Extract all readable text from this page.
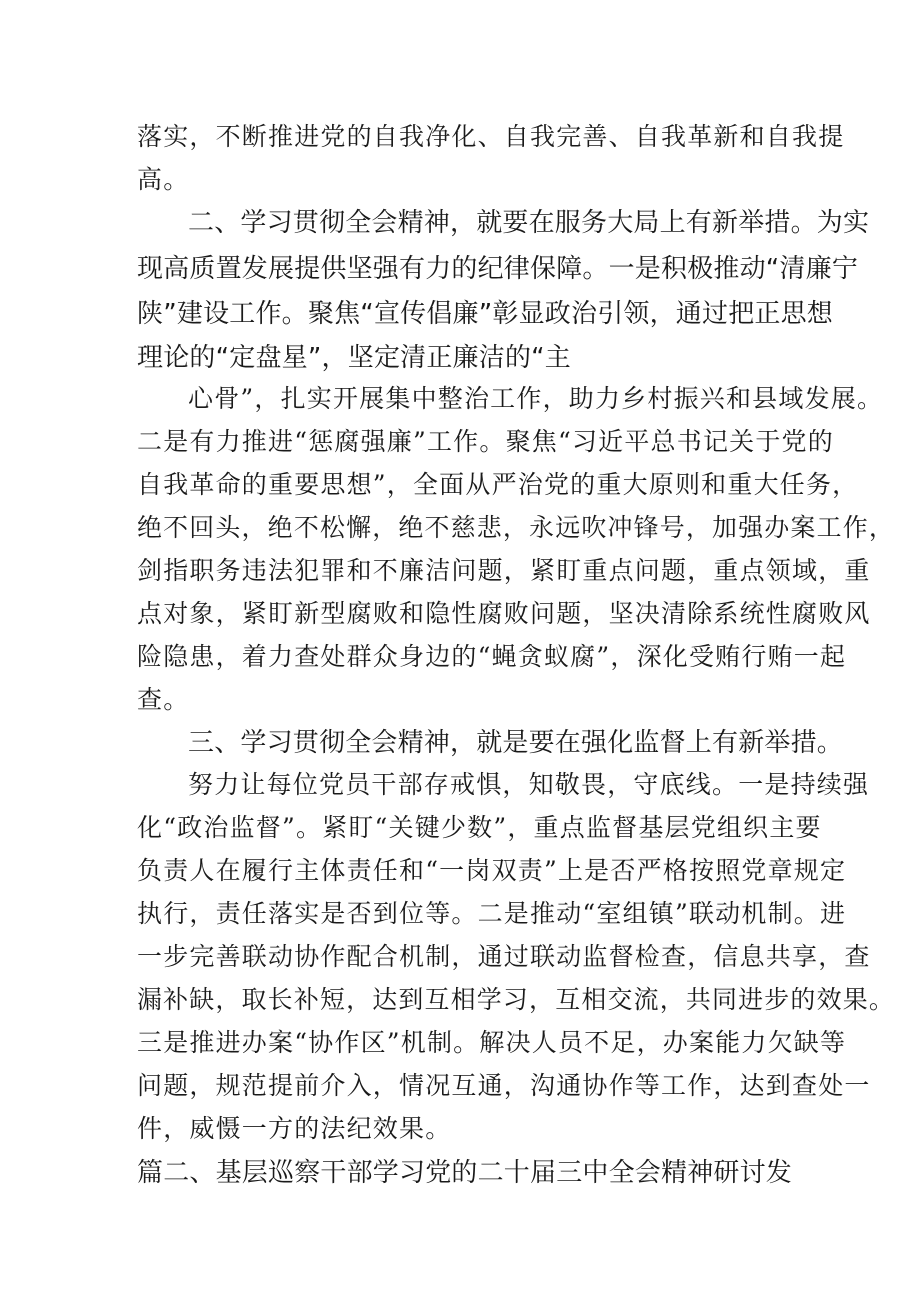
落实，不断推进党的自我净化、自我完善、自我革新和自我提

高。

二、学习贯彻全会精神，就要在服务大局上有新举措。为实

现高质置发展提供坚强有力的纪律保障。一是积极推动“清廉宁

陕”建设工作。聚焦“宣传倡廉”彰显政治引领，通过把正思想

理论的“定盘星”，坚定清正廉洁的“主

心骨”，扎实开展集中整治工作，助力乡村振兴和县域发展。

二是有力推进“惩腐强廉”工作。聚焦“习近平总书记关于党的

自我革命的重要思想”，全面从严治党的重大原则和重大任务，

绝不回头，绝不松懈，绝不慈悲，永远吹冲锋号，加强办案工作，

剑指职务违法犯罪和不廉洁问题，紧盯重点问题，重点领域，重

点对象，紧盯新型腐败和隐性腐败问题，坚决清除系统性腐败风

险隐患，着力查处群众身边的“蝇贪蚁腐”，深化受贿行贿一起

查。

三、学习贯彻全会精神，就是要在强化监督上有新举措。

努力让每位党员干部存戒惧，知敬畏，守底线。一是持续强

化“政治监督”。紧盯“关键少数”，重点监督基层党组织主要

负责人在履行主体责任和“一岗双责”上是否严格按照党章规定

执行，责任落实是否到位等。二是推动“室组镇”联动机制。进

一步完善联动协作配合机制，通过联动监督检查，信息共享，查

漏补缺，取长补短，达到互相学习，互相交流，共同进步的效果。

三是推进办案“协作区”机制。解决人员不足，办案能力欠缺等

问题，规范提前介入，情况互通，沟通协作等工作，达到查处一

件，威慑一方的法纪效果。

篇二、基层巡察干部学习党的二十届三中全会精神研讨发
